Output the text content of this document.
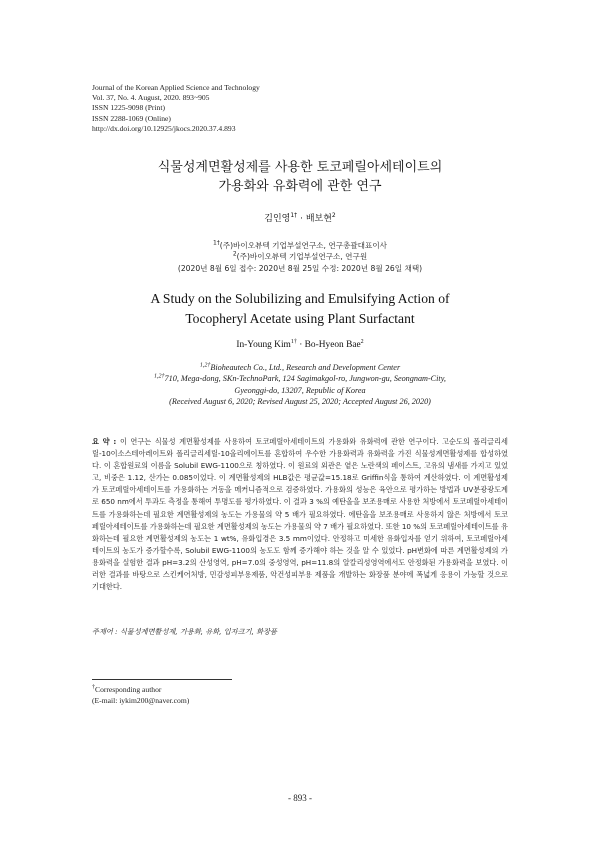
Journal of the Korean Applied Science and Technology
Vol. 37, No. 4. August, 2020. 893~905
ISSN 1225-9098 (Print)
ISSN 2288-1069 (Online)
http://dx.doi.org/10.12925/jkocs.2020.37.4.893
식물성계면활성제를 사용한 토코페릴아세테이트의
가용화와 유화력에 관한 연구
김인영$^{1\dagger}$ · 배보현$^2$
$^{1\dagger}$(주)바이오뷰텍 기업부설연구소, 연구총괄대표이사
$^2$(주)바이오뷰텍 기업부설연구소, 연구원
(2020년 8월 6일 접수: 2020년 8월 25일 수정: 2020년 8월 26일 채택)
A Study on the Solubilizing and Emulsifying Action of
Tocopheryl Acetate using Plant Surfactant
In-Young Kim$^{1\dagger}$ · Bo-Hyeon Bae$^2$
$^{1,2\dagger}$Bioheautech Co., Ltd., Research and Development Center
$^{1,2\dagger}$710, Mega-dong, SKn-TechnoPark, 124 Sagimakgol-ro, Jungwon-gu, Seongnam-City,
Gyeonggi-do, 13207, Republic of Korea
(Received August 6, 2020; Revised August 25, 2020; Accepted August 26, 2020)
요 약 : 이 연구는 식물성 계면활성제를 사용하여 토코페릴아세테이트의 가용화와 유화력에 관한 연구이다. 고순도의 폴리글리세릴-10이소스테아레이트와 폴리글리세릴-10올리에이트를 혼합하여 우수한 가용화력과 유화력을 가진 식물성계면활성제를 합성하였다. 이 혼합원료의 이름을 Solubil EWG-1100으로 칭하였다. 이 원료의 외관은 옅은 노란색의 페이스트, 고유의 냄새를 가지고 있었고, 비중은 1.12, 산가는 0.085이었다. 이 계면활성제의 HLB값은 평균값=15.18로 Griffin식을 통하여 계산하였다. 이 계면활성제가 토코페릴아세테이트를 가용화하는 거동을 메커니즘적으로 검증하였다. 가용화의 성능은 육안으로 평가하는 방법과 UV분광광도계로 650 nm에서 투과도 측정을 통해여 투명도를 평가하였다. 이 결과 3 %의 예탄올을 보조용매로 사용한 처방에서 토코페릴아세테이트를 가용화하는데 필요한 계면활성제의 농도는 가용물의 약 5 배가 필요하였다. 에탄올을 보조용매로 사용하지 않은 처방에서 토코페릴아세테이트를 가용화하는데 필요한 계면활성제의 농도는 가용물의 약 7 배가 필요하였다. 또한 10 %의 토코페릴아세테이트를 유화하는데 필요한 계면활성제의 농도는 1 wt%, 유화입경은 3.5 mm이었다. 안정하고 미세한 유화입자를 얻기 위하여, 토코페릴아세테이트의 농도가 증가할수록, Solubil EWG-1100의 농도도 함께 증가해야 하는 것을 알 수 있었다. pH변화에 따른 계면활성제의 가용화력을 실험한 결과 pH=3.2의 산성영역, pH=7.0의 중성영역, pH=11.8의 알칼리성영역에서도 안정화된 가용화력을 보였다. 이러한 결과를 바탕으로 스킨케어처방, 민감성피부용제품, 악건성피부용 제품을 개발하는 화장품 분야에 폭넓게 응용이 가능할 것으로 기대한다.
주제어 : 식물성계면활성제, 가용화, 유화, 입자크기, 화장품
†Corresponding author
(E-mail: iykim200@naver.com)
- 893 -
